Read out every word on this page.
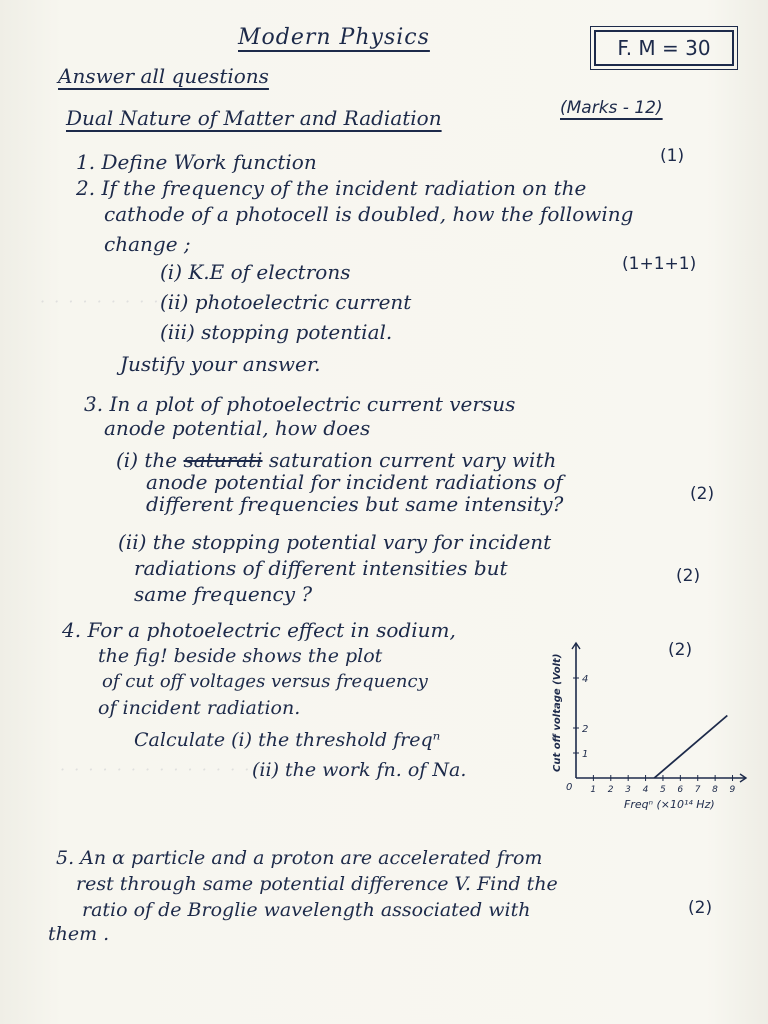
· · · · · · · · ·
· · · · · · · · · · · · · · · · ·
Modern Physics	F. M = 30
Answer all questions
Dual Nature of Matter and Radiation	(Marks - 12)
1. Define Work function	(1)
2. If the frequency of the incident radiation on the
cathode of a photocell is doubled, how the following
change ;
(1+1+1)
(i) K.E of electrons
(ii) photoelectric current
(iii) stopping potential.
Justify your answer.
3. In a plot of photoelectric current versus
anode potential, how does
(i) the saturati saturation current vary with
anode potential for incident radiations of
different frequencies but same intensity?	(2)
(ii) the stopping potential vary for incident
radiations of different intensities but
same frequency ?
(2)
4. For a photoelectric effect in sodium,
the fig! beside shows the plot
of cut off voltages versus frequency
of incident radiation.
Calculate (i) the threshold freqⁿ
(ii) the work fn. of Na.
(2)
0 1 2 3 4 5 6 7 8 9
1
2
4
Freqⁿ (×10¹⁴ Hz)
Cut off voltage (Volt)
5. An α particle and a proton are accelerated from
rest through same potential difference V. Find the
ratio of de Broglie wavelength associated with
them .
(2)
